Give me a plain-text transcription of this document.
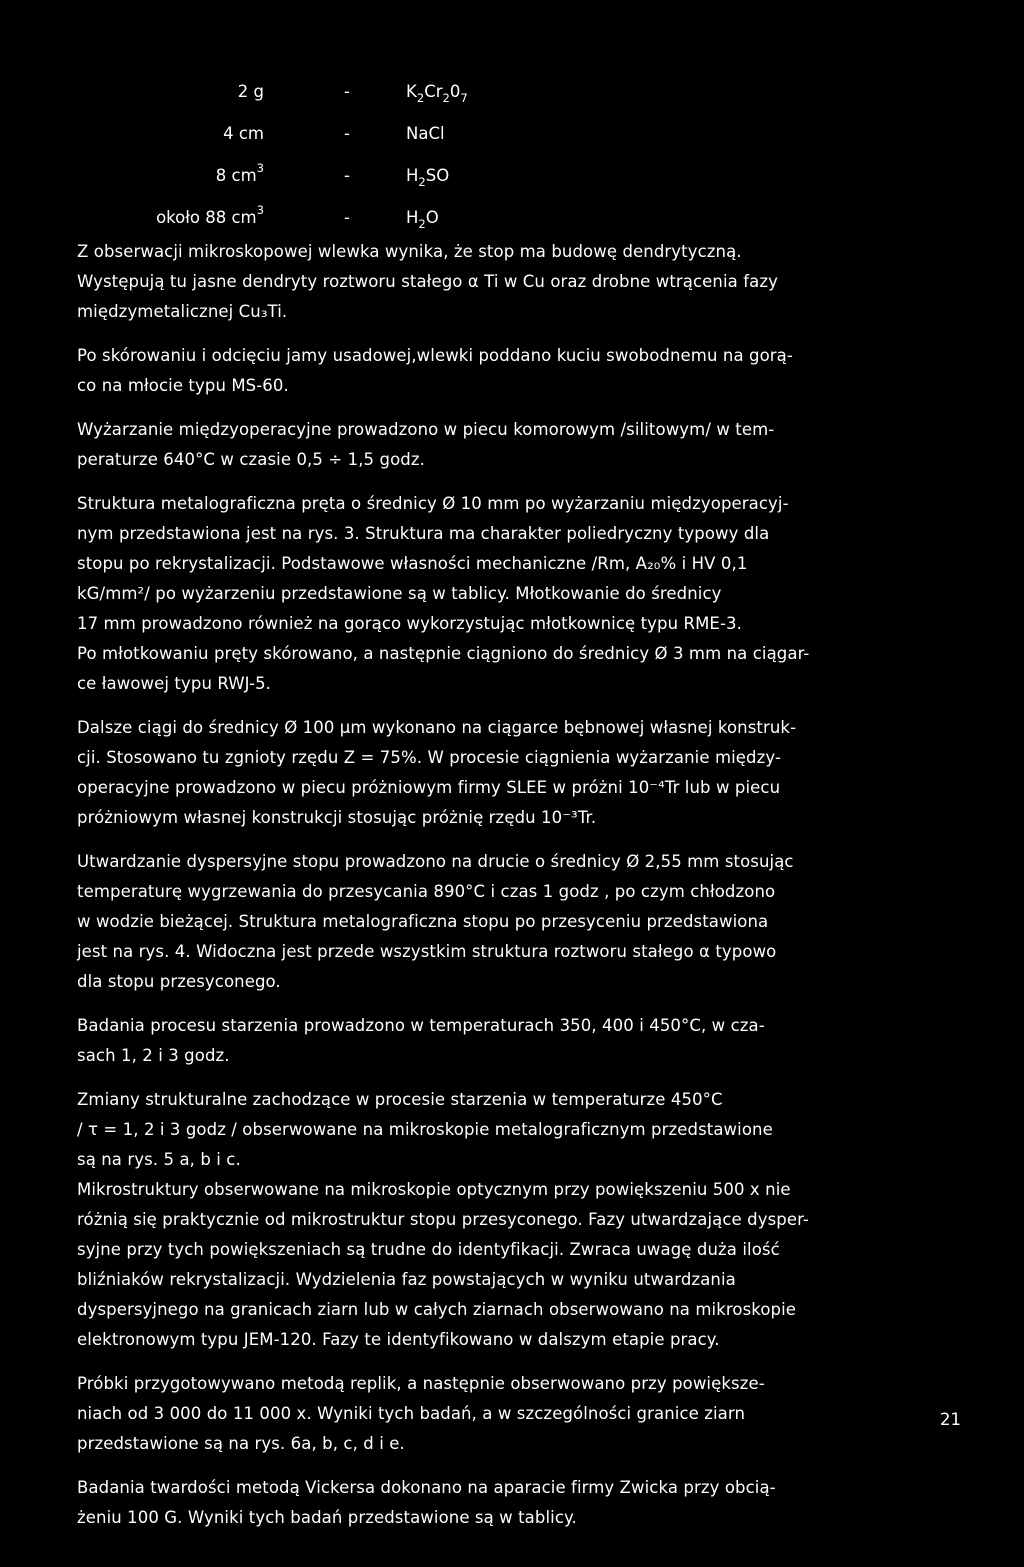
2 g	-	$K_2Cr_20_7$
4 cm	-	NaCl
8 $cm^3$	-	$H_2SO$
około 88 $cm^3$	-	$H_2O$
Z obserwacji mikroskopowej wlewka wynika, że stop ma budowę dendrytyczną.
Występują tu jasne dendryty roztworu stałego α Ti w Cu oraz drobne wtrącenia fazy
międzymetalicznej Cu₃Ti.
Po skórowaniu i odcięciu jamy usadowej,wlewki poddano kuciu swobodnemu na gorą-
co na młocie typu MS-60.
Wyżarzanie międzyoperacyjne prowadzono w piecu komorowym /silitowym/ w tem-
peraturze 640°C w czasie 0,5 ÷ 1,5 godz.
Struktura metalograficzna pręta o średnicy Ø 10 mm po wyżarzaniu międzyoperacyj-
nym przedstawiona jest na rys. 3. Struktura ma charakter poliedryczny typowy dla
stopu po rekrystalizacji. Podstawowe własności mechaniczne /Rm, A₂₀% i HV 0,1
kG/mm²/ po wyżarzeniu przedstawione są w tablicy. Młotkowanie do średnicy
17 mm prowadzono również na gorąco wykorzystując młotkownicę typu RME-3.
Po młotkowaniu pręty skórowano, a następnie ciągniono do średnicy Ø 3 mm na ciągar-
ce ławowej typu RWJ-5.
Dalsze ciągi do średnicy Ø 100 μm wykonano na ciągarce bębnowej własnej konstruk-
cji. Stosowano tu zgnioty rzędu Z = 75%. W procesie ciągnienia wyżarzanie między-
operacyjne prowadzono w piecu próżniowym firmy SLEE w próżni 10⁻⁴Tr lub w piecu
próżniowym własnej konstrukcji stosując próżnię rzędu 10⁻³Tr.
Utwardzanie dyspersyjne stopu prowadzono na drucie o średnicy Ø 2,55 mm stosując
temperaturę wygrzewania do przesycania 890°C i czas 1 godz , po czym chłodzono
w wodzie bieżącej. Struktura metalograficzna stopu po przesyceniu przedstawiona
jest na rys. 4. Widoczna jest przede wszystkim struktura roztworu stałego α typowo
dla stopu przesyconego.
Badania procesu starzenia prowadzono w temperaturach 350, 400 i 450°C, w cza-
sach 1, 2 i 3 godz.
Zmiany strukturalne zachodzące w procesie starzenia w temperaturze 450°C
/ τ = 1, 2 i 3 godz / obserwowane na mikroskopie metalograficznym przedstawione
są na rys. 5 a, b i c.
Mikrostruktury obserwowane na mikroskopie optycznym przy powiększeniu 500 x nie
różnią się praktycznie od mikrostruktur stopu przesyconego. Fazy utwardzające dysper-
syjne przy tych powiększeniach są trudne do identyfikacji. Zwraca uwagę duża ilość
bliźniaków rekrystalizacji. Wydzielenia faz powstających w wyniku utwardzania
dyspersyjnego na granicach ziarn lub w całych ziarnach obserwowano na mikroskopie
elektronowym typu JEM-120. Fazy te identyfikowano w dalszym etapie pracy.
Próbki przygotowywano metodą replik, a następnie obserwowano przy powiększe-
niach od 3 000 do 11 000 x. Wyniki tych badań, a w szczególności granice ziarn
przedstawione są na rys. 6a, b, c, d i e.
Badania twardości metodą Vickersa dokonano na aparacie firmy Zwicka przy obcią-
żeniu 100 G. Wyniki tych badań przedstawione są w tablicy.
21
